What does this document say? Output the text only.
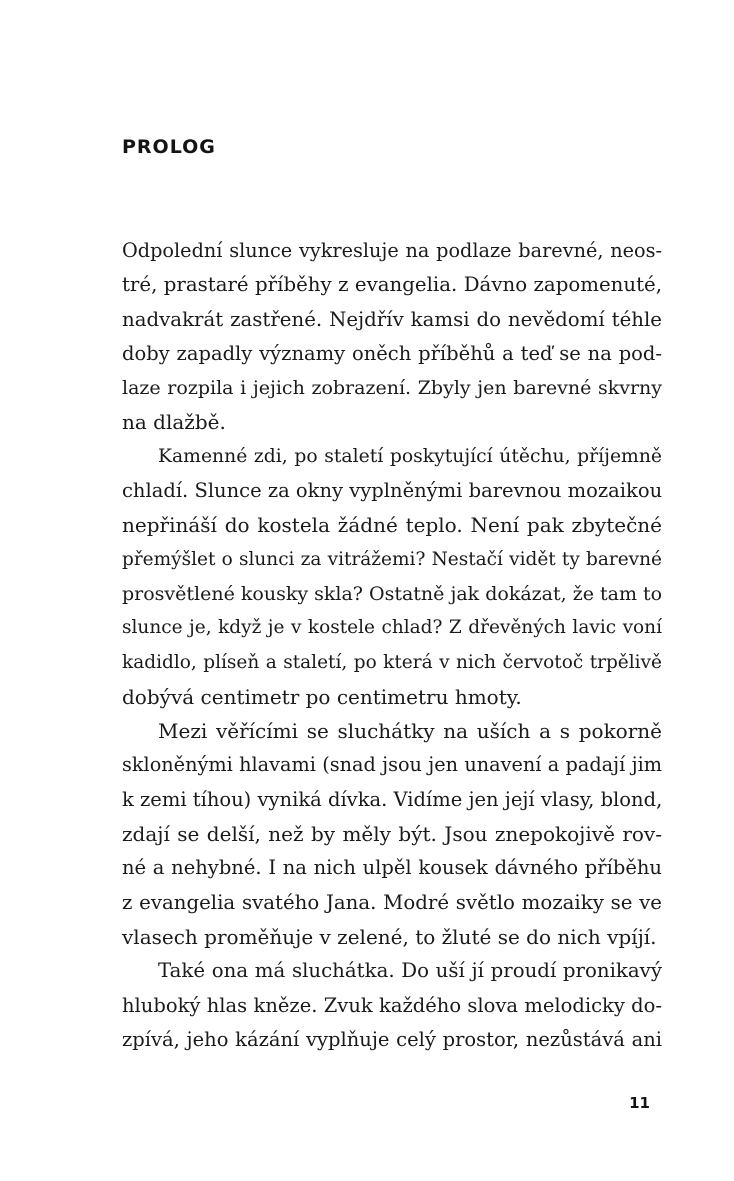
PROLOG
Odpolední slunce vykresluje na podlaze barevné, neos-
tré, prastaré příběhy z evangelia. Dávno zapomenuté,
nadvakrát zastřené. Nejdřív kamsi do nevědomí téhle
doby zapadly významy oněch příběhů a teď se na pod-
laze rozpila i jejich zobrazení. Zbyly jen barevné skvrny
na dlažbě.
Kamenné zdi, po staletí poskytující útěchu, příjemně
chladí. Slunce za okny vyplněnými barevnou mozaikou
nepřináší do kostela žádné teplo. Není pak zbytečné
přemýšlet o slunci za vitrážemi? Nestačí vidět ty barevné
prosvětlené kousky skla? Ostatně jak dokázat, že tam to
slunce je, když je v kostele chlad? Z dřevěných lavic voní
kadidlo, plíseň a staletí, po která v nich červotoč trpělivě
dobývá centimetr po centimetru hmoty.
Mezi věřícími se sluchátky na uších a s pokorně
skloněnými hlavami (snad jsou jen unavení a padají jim
k zemi tíhou) vyniká dívka. Vidíme jen její vlasy, blond,
zdají se delší, než by měly být. Jsou znepokojivě rov-
né a nehybné. I na nich ulpěl kousek dávného příběhu
z evangelia svatého Jana. Modré světlo mozaiky se ve
vlasech proměňuje v zelené, to žluté se do nich vpíjí.
Také ona má sluchátka. Do uší jí proudí pronikavý
hluboký hlas kněze. Zvuk každého slova melodicky do-
zpívá, jeho kázání vyplňuje celý prostor, nezůstává ani
11
